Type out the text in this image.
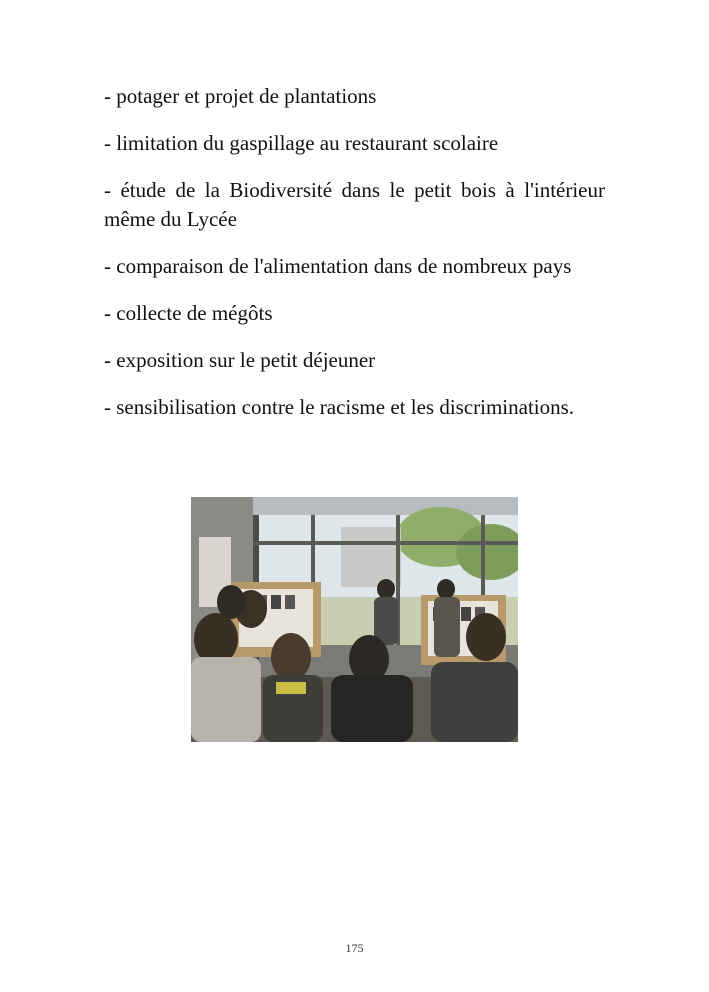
- potager et projet de plantations

- limitation du gaspillage au restaurant scolaire

- étude de la Biodiversité dans le petit bois à l'intérieur même du Lycée

- comparaison de l'alimentation dans de nombreux pays

- collecte de mégôts

- exposition sur le petit déjeuner

- sensibilisation contre le racisme et les discriminations.

175
